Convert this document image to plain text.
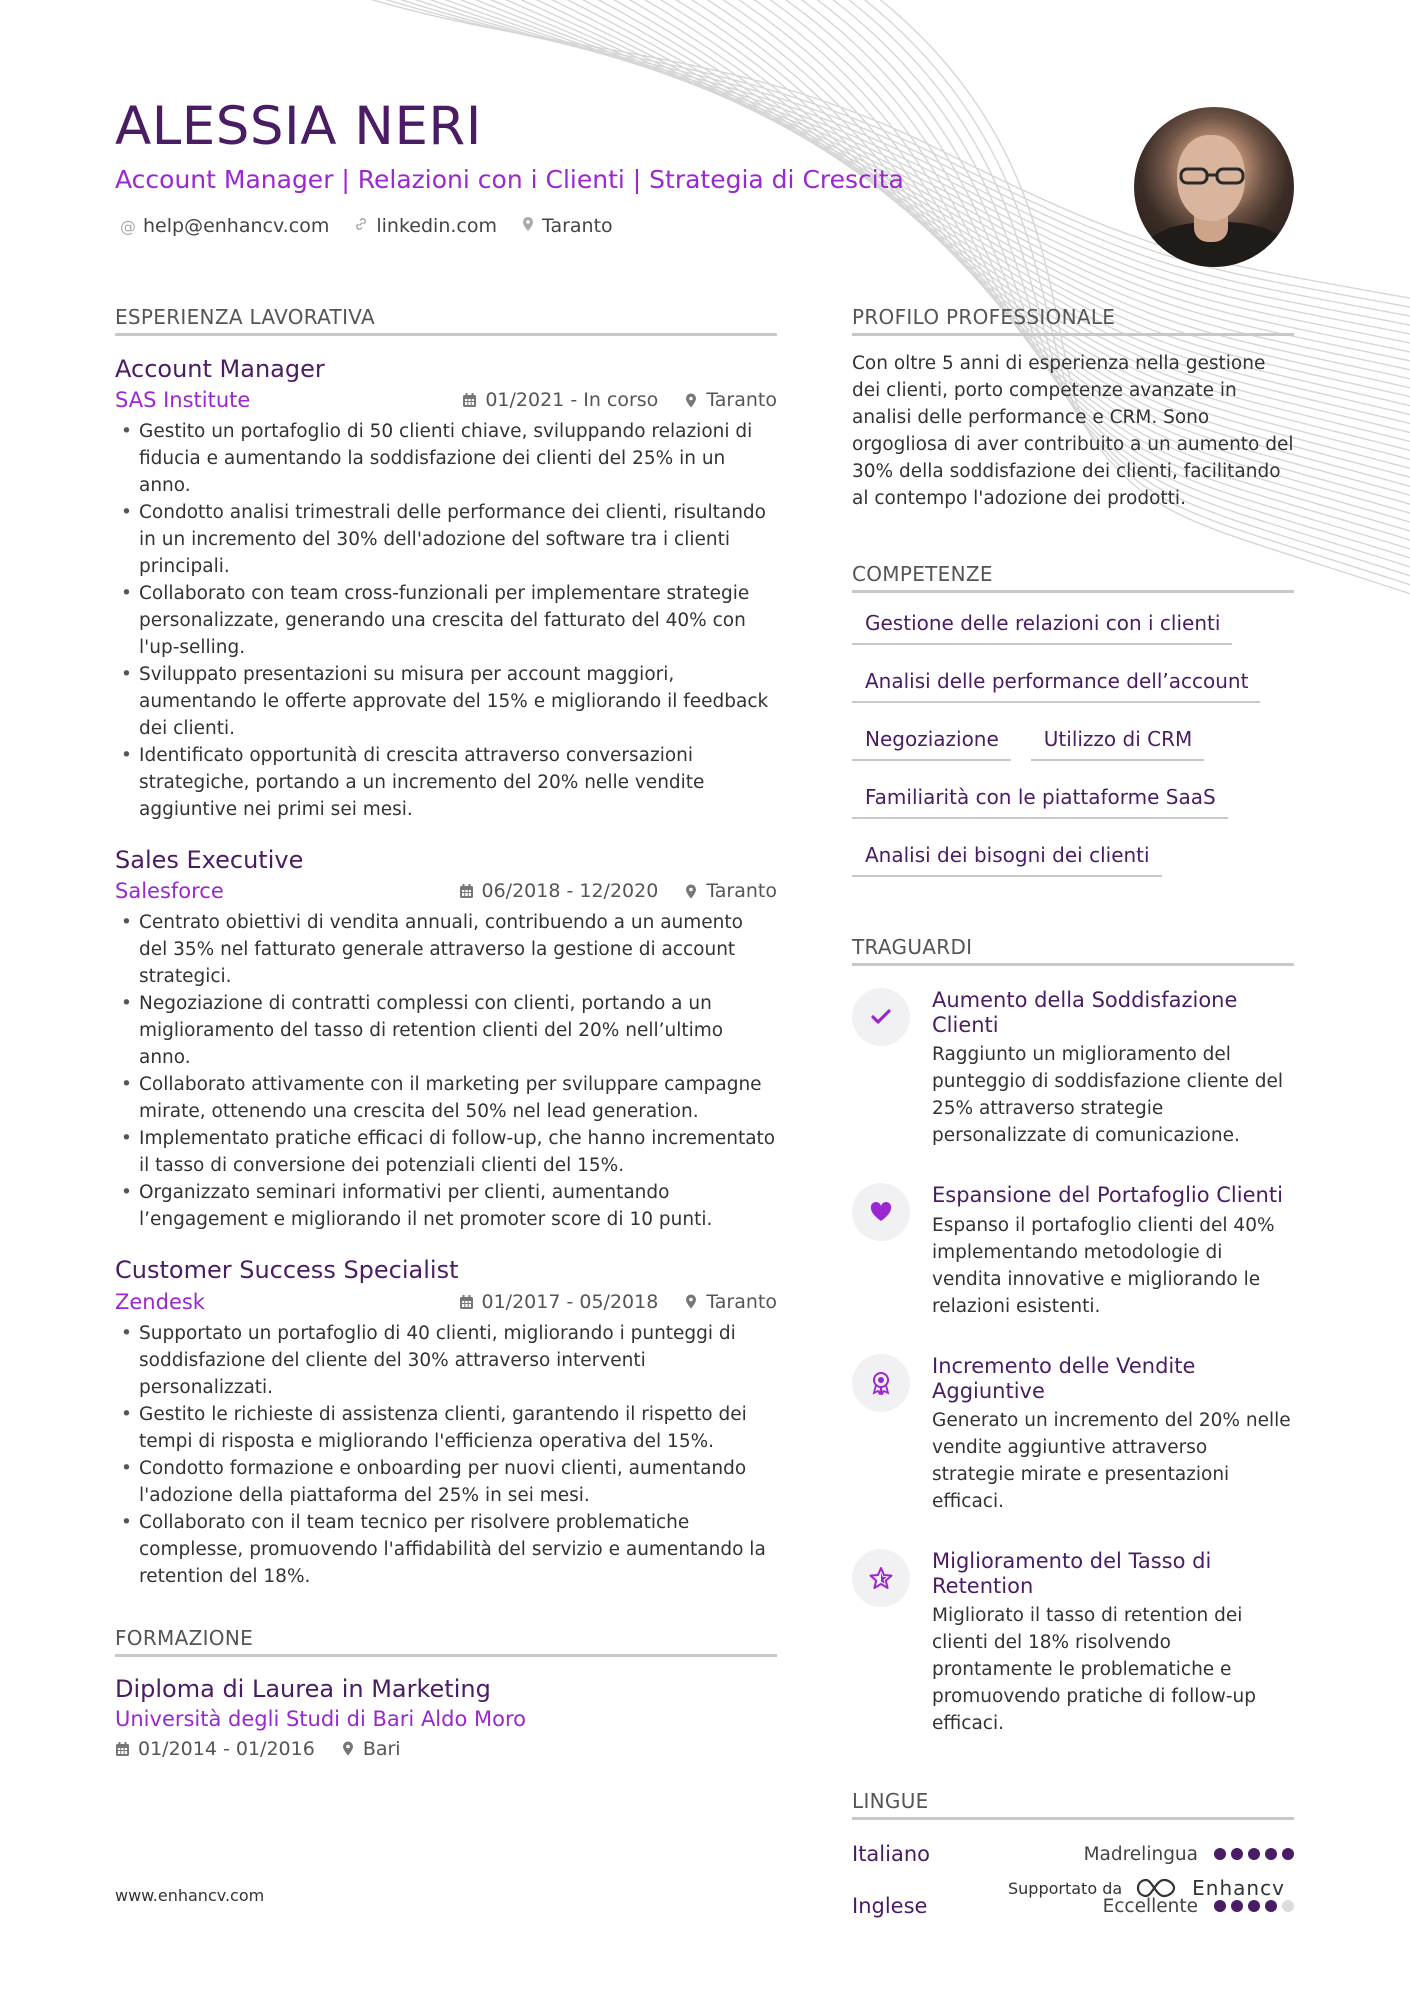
ALESSIA NERI
Account Manager | Relazioni con i Clienti | Strategia di Crescita
@ help@enhancv.com linkedin.com Taranto
ESPERIENZA LAVORATIVA
Account Manager
SAS Institute	01/2021 - In corso	Taranto
• Gestito un portafoglio di 50 clienti chiave, sviluppando relazioni di fiducia e aumentando la soddisfazione dei clienti del 25% in un anno.
• Condotto analisi trimestrali delle performance dei clienti, risultando in un incremento del 30% dell'adozione del software tra i clienti principali.
• Collaborato con team cross-funzionali per implementare strategie personalizzate, generando una crescita del fatturato del 40% con l'up-selling.
• Sviluppato presentazioni su misura per account maggiori, aumentando le offerte approvate del 15% e migliorando il feedback dei clienti.
• Identificato opportunità di crescita attraverso conversazioni strategiche, portando a un incremento del 20% nelle vendite aggiuntive nei primi sei mesi.
Sales Executive
Salesforce	06/2018 - 12/2020	Taranto
• Centrato obiettivi di vendita annuali, contribuendo a un aumento del 35% nel fatturato generale attraverso la gestione di account strategici.
• Negoziazione di contratti complessi con clienti, portando a un miglioramento del tasso di retention clienti del 20% nell’ultimo anno.
• Collaborato attivamente con il marketing per sviluppare campagne mirate, ottenendo una crescita del 50% nel lead generation.
• Implementato pratiche efficaci di follow-up, che hanno incrementato il tasso di conversione dei potenziali clienti del 15%.
• Organizzato seminari informativi per clienti, aumentando l’engagement e migliorando il net promoter score di 10 punti.
Customer Success Specialist
Zendesk	01/2017 - 05/2018	Taranto
• Supportato un portafoglio di 40 clienti, migliorando i punteggi di soddisfazione del cliente del 30% attraverso interventi personalizzati.
• Gestito le richieste di assistenza clienti, garantendo il rispetto dei tempi di risposta e migliorando l'efficienza operativa del 15%.
• Condotto formazione e onboarding per nuovi clienti, aumentando l'adozione della piattaforma del 25% in sei mesi.
• Collaborato con il team tecnico per risolvere problematiche complesse, promuovendo l'affidabilità del servizio e aumentando la retention del 18%.
FORMAZIONE
Diploma di Laurea in Marketing
Università degli Studi di Bari Aldo Moro
01/2014 - 01/2016	Bari
PROFILO PROFESSIONALE
Con oltre 5 anni di esperienza nella gestione dei clienti, porto competenze avanzate in analisi delle performance e CRM. Sono orgogliosa di aver contribuito a un aumento del 30% della soddisfazione dei clienti, facilitando al contempo l'adozione dei prodotti.
COMPETENZE
Gestione delle relazioni con i clienti
Analisi delle performance dell’account
Negoziazione	Utilizzo di CRM
Familiarità con le piattaforme SaaS
Analisi dei bisogni dei clienti
TRAGUARDI
Aumento della Soddisfazione Clienti
Raggiunto un miglioramento del punteggio di soddisfazione cliente del 25% attraverso strategie personalizzate di comunicazione.
Espansione del Portafoglio Clienti
Espanso il portafoglio clienti del 40% implementando metodologie di vendita innovative e migliorando le relazioni esistenti.
Incremento delle Vendite Aggiuntive
Generato un incremento del 20% nelle vendite aggiuntive attraverso strategie mirate e presentazioni efficaci.
Miglioramento del Tasso di Retention
Migliorato il tasso di retention dei clienti del 18% risolvendo prontamente le problematiche e promuovendo pratiche di follow-up efficaci.
LINGUE
Italiano	Madrelingua
Inglese	Eccellente
www.enhancv.com	Supportato da	Enhancv
